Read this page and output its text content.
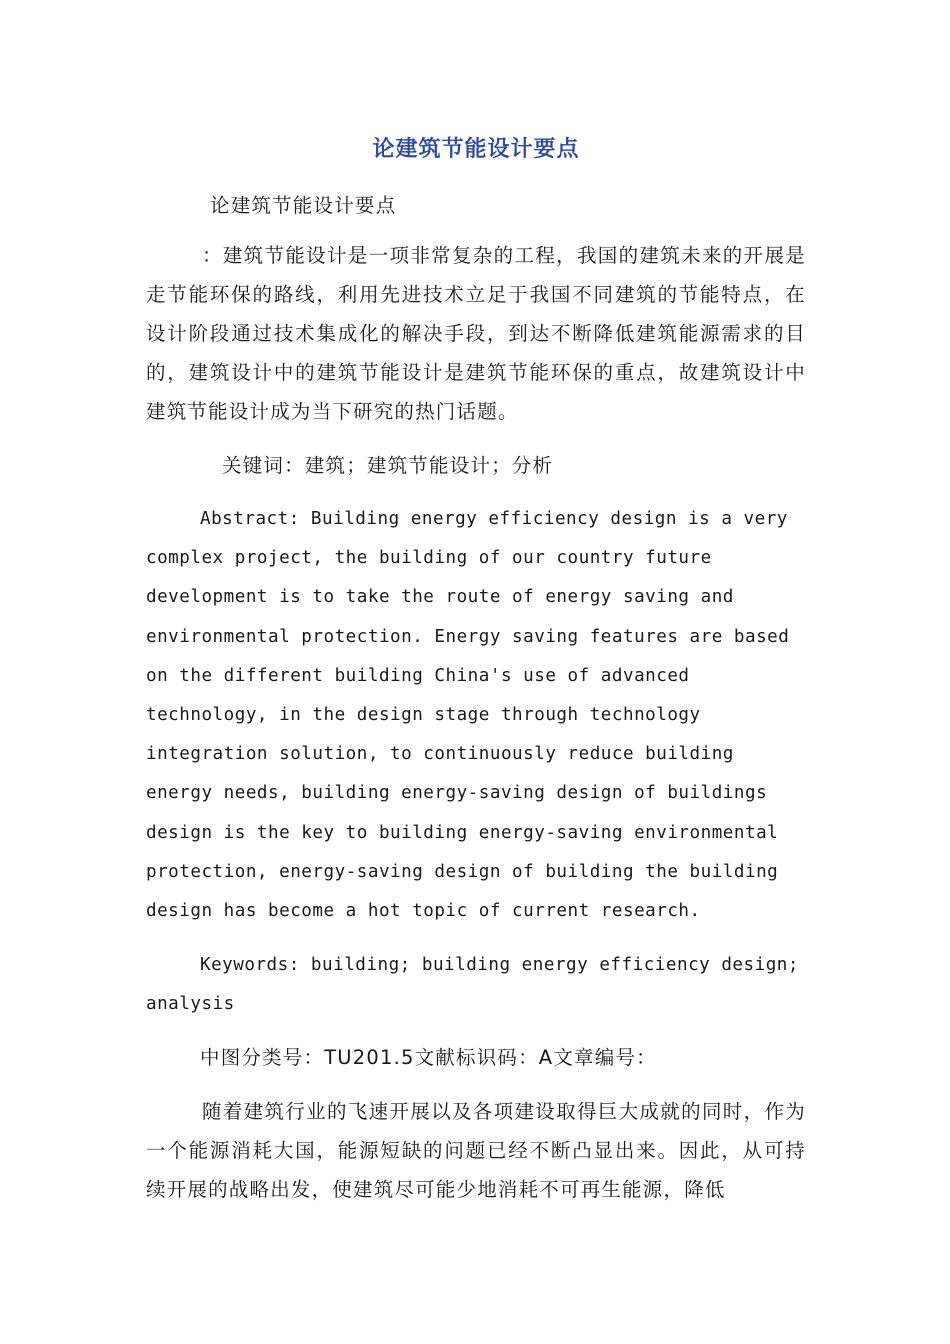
论建筑节能设计要点

论建筑节能设计要点

：建筑节能设计是一项非常复杂的工程，我国的建筑未来的开展是走节能环保的路线，利用先进技术立足于我国不同建筑的节能特点，在设计阶段通过技术集成化的解决手段，到达不断降低建筑能源需求的目的，建筑设计中的建筑节能设计是建筑节能环保的重点，故建筑设计中建筑节能设计成为当下研究的热门话题。

关键词：建筑；建筑节能设计；分析

Abstract: Building energy efficiency design is a very complex project, the building of our country future development is to take the route of energy saving and environmental protection. Energy saving features are based on the different building China's use of advanced technology, in the design stage through technology integration solution, to continuously reduce building energy needs, building energy-saving design of buildings design is the key to building energy-saving environmental protection, energy-saving design of building the building design has become a hot topic of current research.

Keywords: building; building energy efficiency design; analysis

中图分类号：TU201.5文献标识码：A文章编号：

随着建筑行业的飞速开展以及各项建设取得巨大成就的同时，作为一个能源消耗大国，能源短缺的问题已经不断凸显出来。因此，从可持续开展的战略出发，使建筑尽可能少地消耗不可再生能源，降低
